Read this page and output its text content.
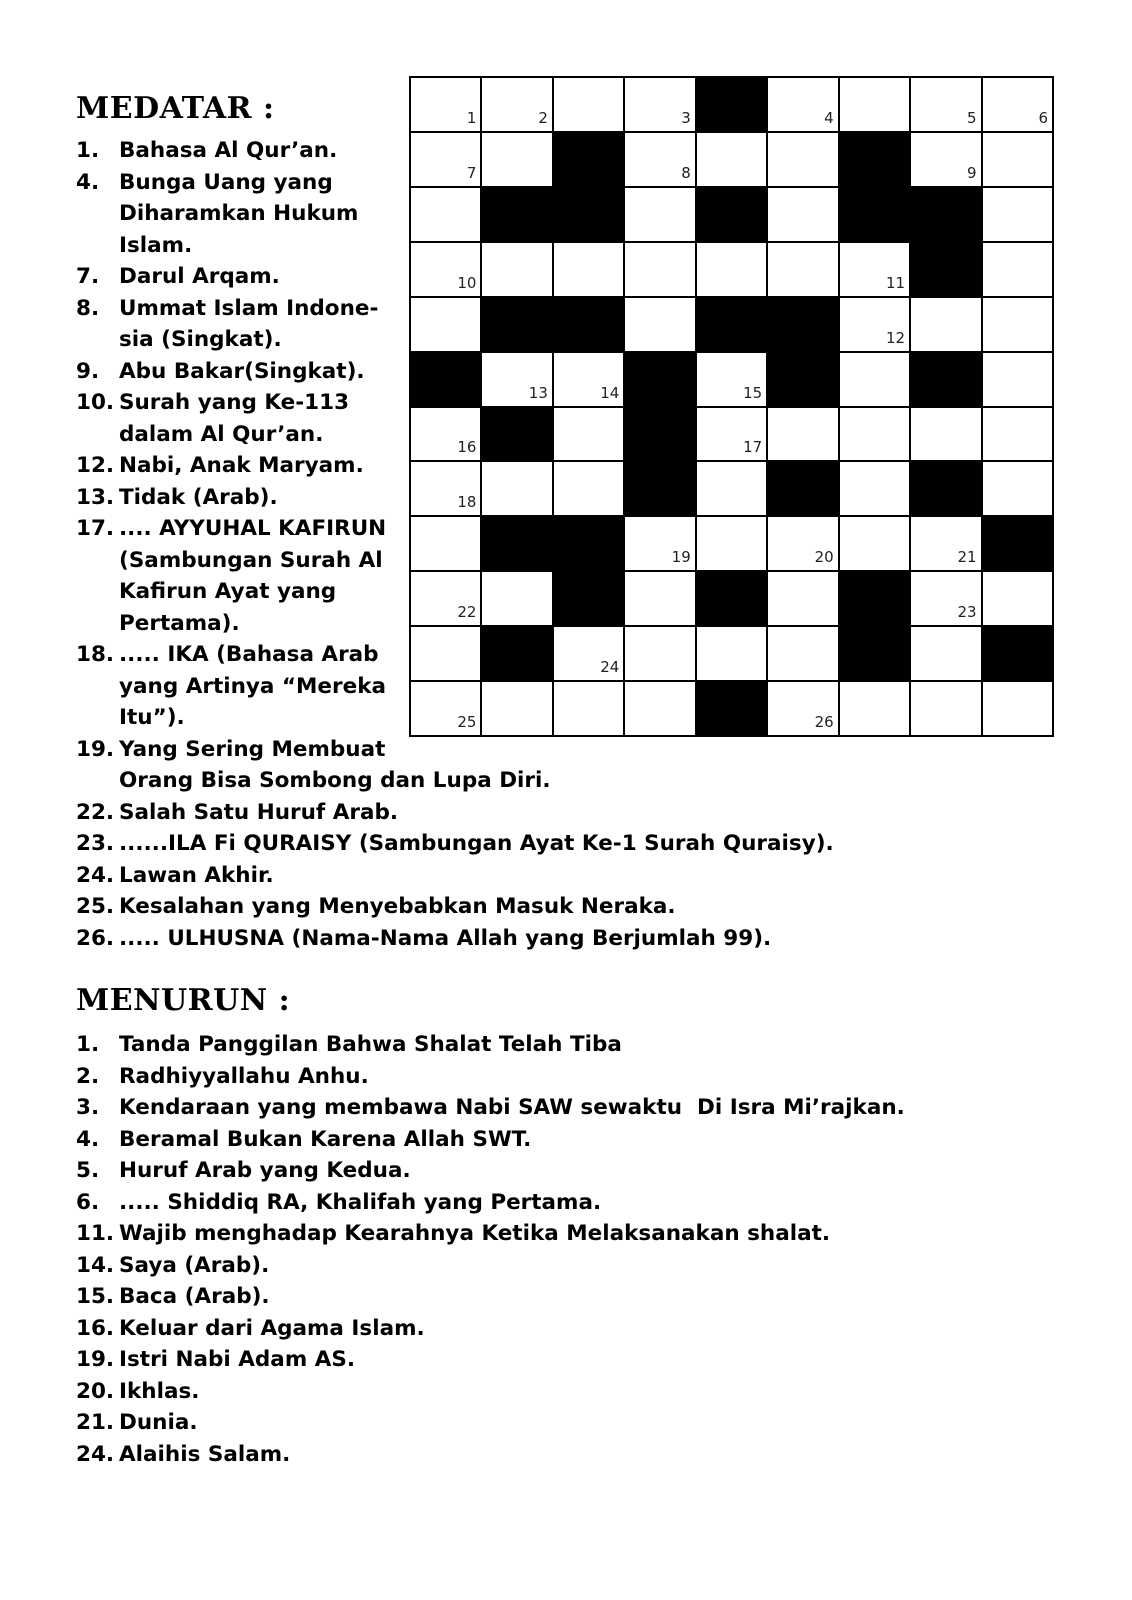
MEDATAR :
1. Bahasa Al Qur’an.
4. Bunga Uang yang
Diharamkan Hukum
Islam.
7. Darul Arqam.
8. Ummat Islam Indone-
sia (Singkat).
9. Abu Bakar(Singkat).
10. Surah yang Ke-113
dalam Al Qur’an.
12. Nabi, Anak Maryam.
13. Tidak (Arab).
17. .... AYYUHAL KAFIRUN
(Sambungan Surah Al
Kafirun Ayat yang
Pertama).
18. ..... IKA (Bahasa Arab
yang Artinya “Mereka
Itu”).
19. Yang Sering Membuat
Orang Bisa Sombong dan Lupa Diri.
22. Salah Satu Huruf Arab.
23. ......ILA Fi QURAISY (Sambungan Ayat Ke-1 Surah Quraisy).
24. Lawan Akhir.
25. Kesalahan yang Menyebabkan Masuk Neraka.
26. ..... ULHUSNA (Nama-Nama Allah yang Berjumlah 99).
1	2	3	4	5	6
7	8	9
10	11
12
13	14	15
16	17
18
19	20	21
22	23
24
25	26
MENURUN :
1. Tanda Panggilan Bahwa Shalat Telah Tiba
2. Radhiyyallahu Anhu.
3. Kendaraan yang membawa Nabi SAW sewaktu  Di Isra Mi’rajkan.
4. Beramal Bukan Karena Allah SWT.
5. Huruf Arab yang Kedua.
6. ..... Shiddiq RA, Khalifah yang Pertama.
11. Wajib menghadap Kearahnya Ketika Melaksanakan shalat.
14. Saya (Arab).
15. Baca (Arab).
16. Keluar dari Agama Islam.
19. Istri Nabi Adam AS.
20. Ikhlas.
21. Dunia.
24. Alaihis Salam.
